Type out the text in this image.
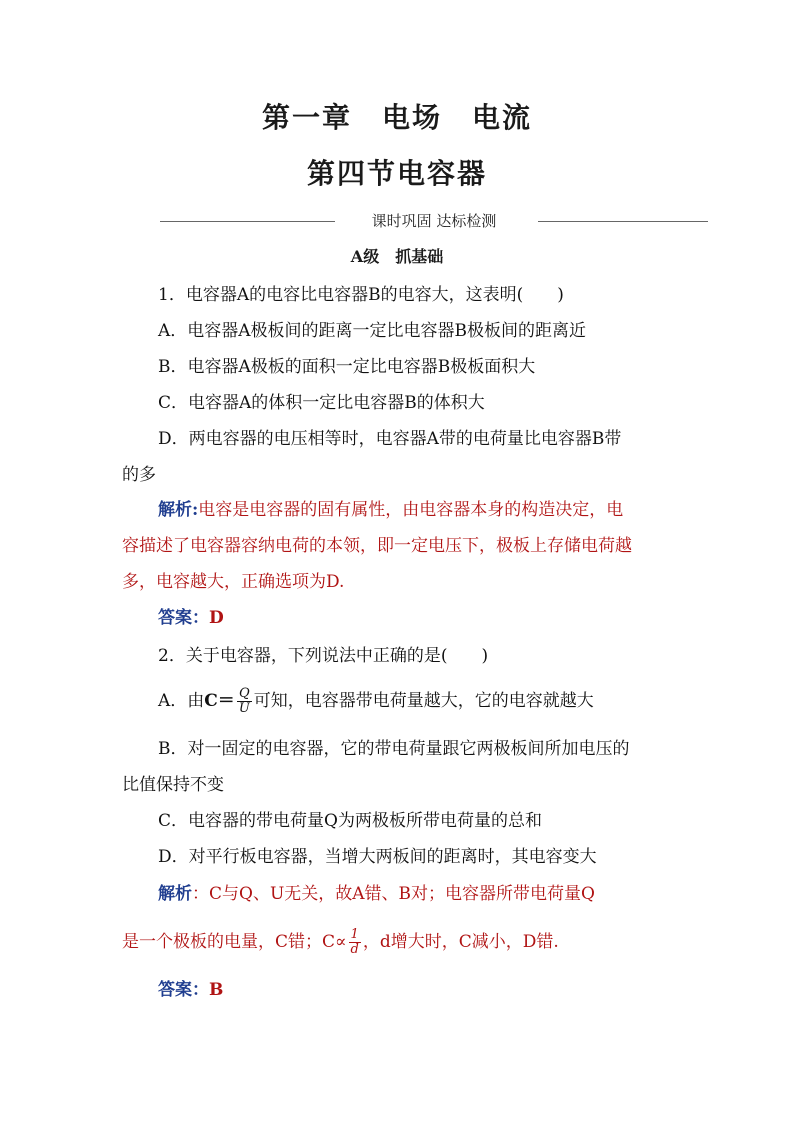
第一章　电场　电流
第四节电容器
课时巩固 达标检测
A级　抓基础
1．电容器A的电容比电容器B的电容大，这表明(　　)
A．电容器A极板间的距离一定比电容器B极板间的距离近
B．电容器A极板的面积一定比电容器B极板面积大
C．电容器A的体积一定比电容器B的体积大
D．两电容器的电压相等时，电容器A带的电荷量比电容器B带
的多
解析:电容是电容器的固有属性，由电容器本身的构造决定，电
容描述了电容器容纳电荷的本领，即一定电压下，极板上存储电荷越
多，电容越大，正确选项为D.
答案：D
2．关于电容器，下列说法中正确的是(　　)
A．由$C= \frac{Q}{U}$ 可知，电容器带电荷量越大，它的电容就越大
B．对一固定的电容器，它的带电荷量跟它两极板间所加电压的
比值保持不变
C．电容器的带电荷量Q为两极板所带电荷量的总和
D．对平行板电容器，当增大两板间的距离时，其电容变大
解析：C与Q、U无关，故A错、B对；电容器所带电荷量Q
是一个极板的电量，C错；$C\propto \frac{1}{d}$ ，d增大时，C减小，D错.
答案：B
